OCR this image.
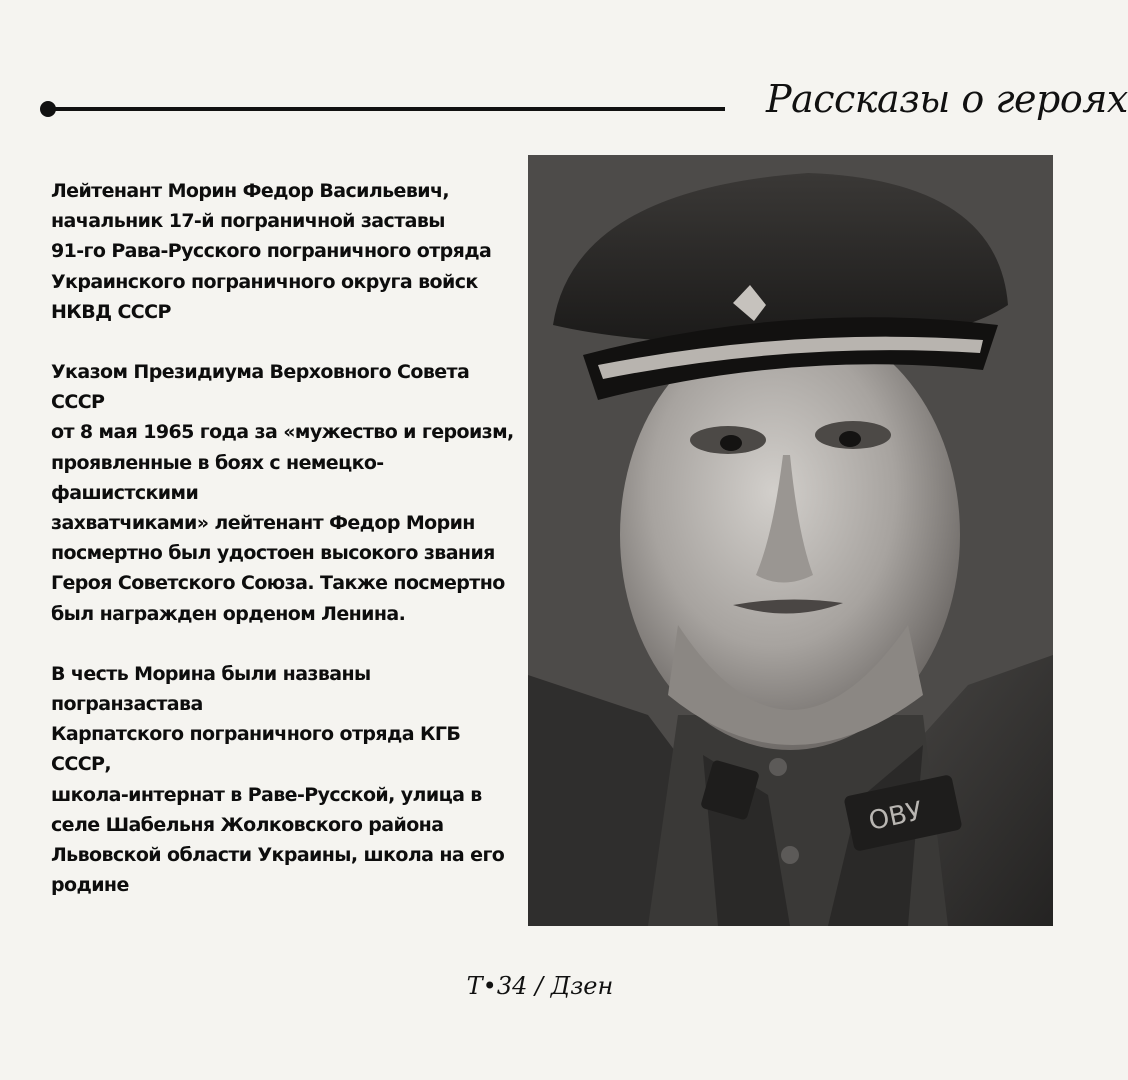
Рассказы о героях

Лейтенант Морин Федор Васильевич,
начальник 17-й пограничной заставы
91-го Рава-Русского пограничного отряда
Украинского пограничного округа войск
НКВД СССР

Указом Президиума Верховного Совета СССР
от 8 мая 1965 года за «мужество и героизм,
проявленные в боях с немецко-фашистскими
захватчиками» лейтенант Федор Морин
посмертно был удостоен высокого звания
Героя Советского Союза. Также посмертно
был награжден орденом Ленина.

В честь Морина были названы погранзастава
Карпатского пограничного отряда КГБ СССР,
школа-интернат в Раве-Русской, улица в
селе Шабельня Жолковского района
Львовской области Украины, школа на его
родине

ОВУ
Т•34 / Дзен
